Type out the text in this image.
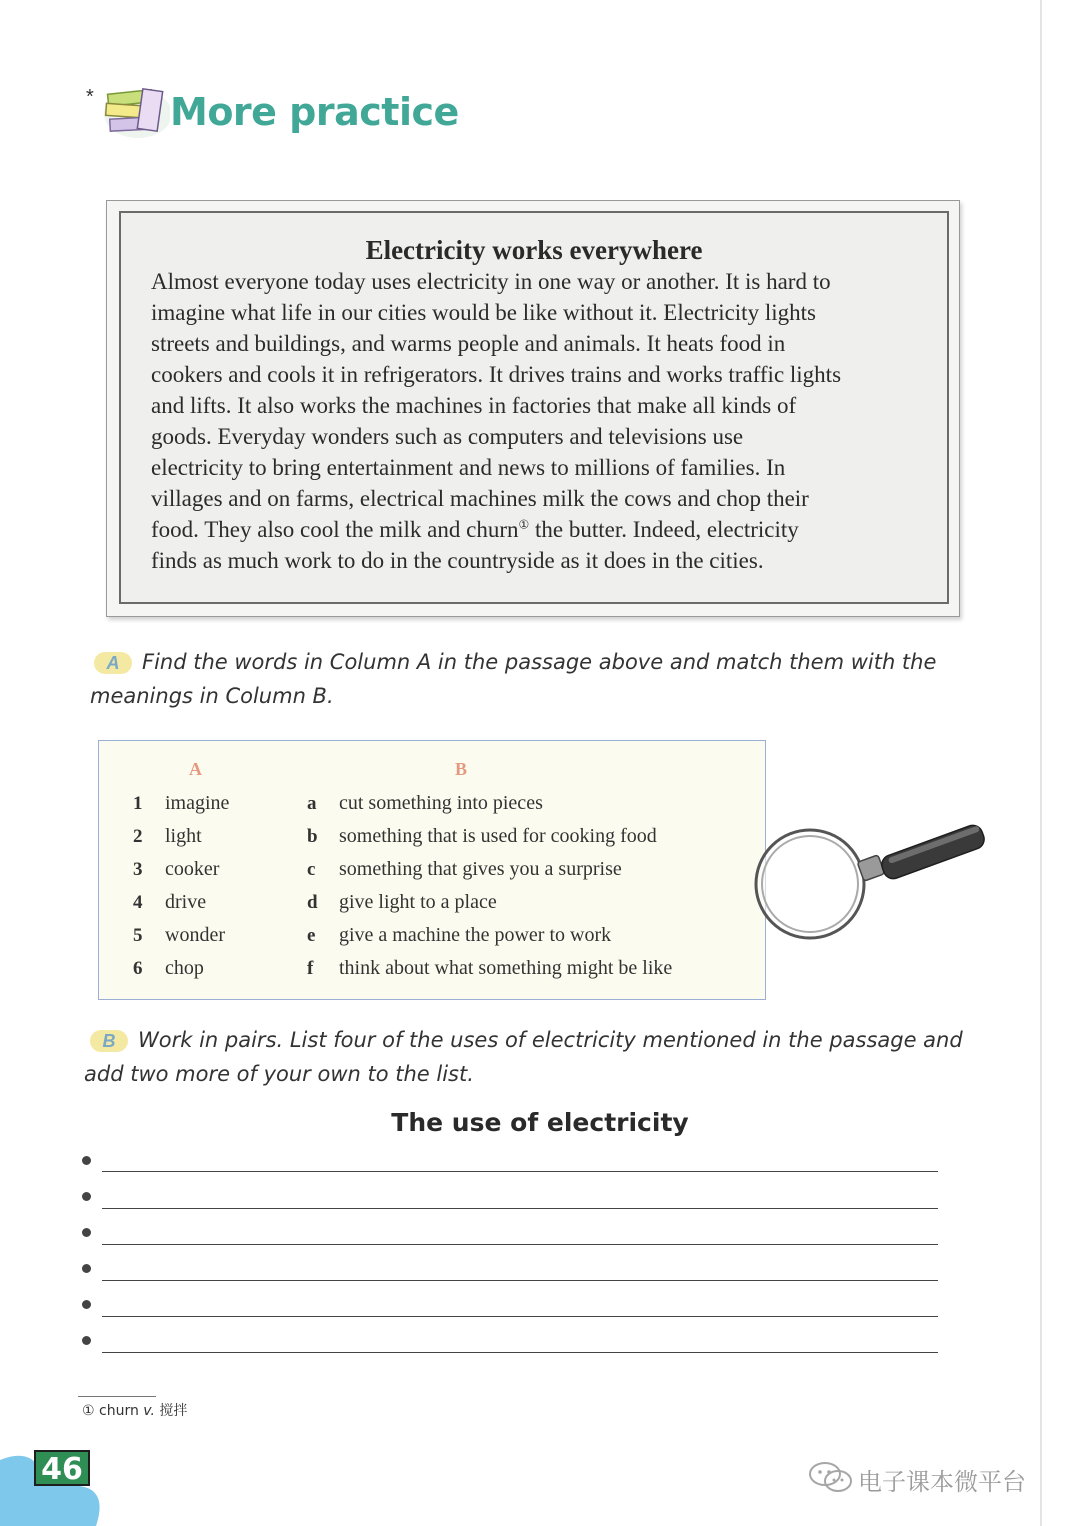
* More practice
Electricity works everywhere
Almost everyone today uses electricity in one way or another. It is hard to
imagine what life in our cities would be like without it. Electricity lights
streets and buildings, and warms people and animals. It heats food in
cookers and cools it in refrigerators. It drives trains and works traffic lights
and lifts. It also works the machines in factories that make all kinds of
goods. Everyday wonders such as computers and televisions use
electricity to bring entertainment and news to millions of families. In
villages and on farms, electrical machines milk the cows and chop their
food. They also cool the milk and churn① the butter. Indeed, electricity
finds as much work to do in the countryside as it does in the cities.
A	Find the words in Column A in the passage above and match them with the
meanings in Column B.
A	B
1 imagine	a cut something into pieces
2 light	b something that is used for cooking food
3 cooker	c something that gives you a surprise
4 drive	d give light to a place
5 wonder	e give a machine the power to work
6 chop	f think about what something might be like
B	Work in pairs. List four of the uses of electricity mentioned in the passage and
add two more of your own to the list.
The use of electricity
① churn v. 搅拌
46	电子课本微平台
